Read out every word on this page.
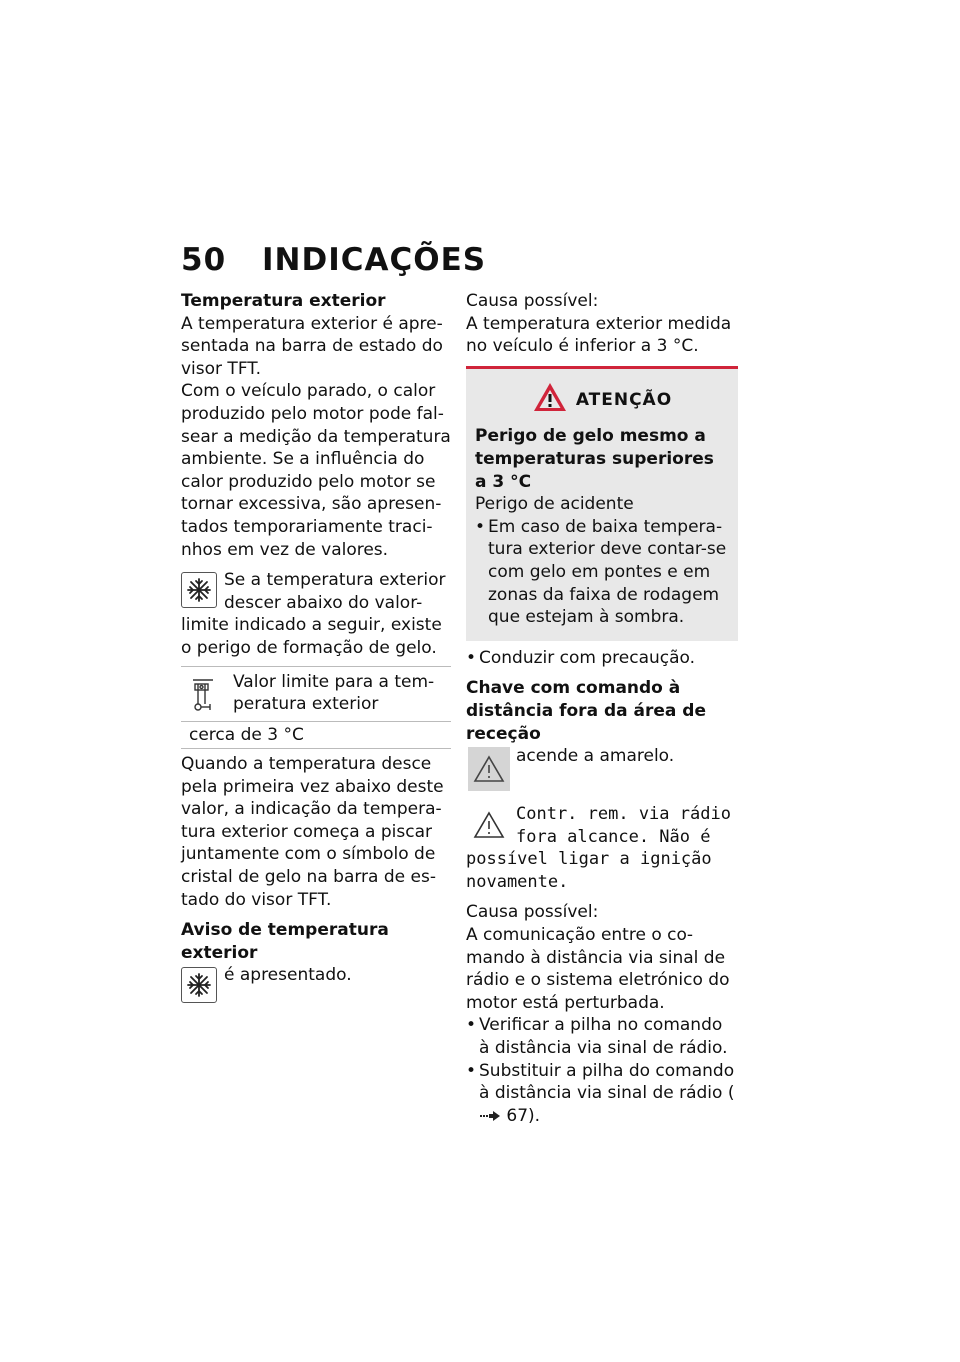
50 INDICAÇÕES

Temperatura exterior

A temperatura exterior é apresentada na barra de estado do visor TFT.

Com o veículo parado, o calor produzido pelo motor pode falsear a medição da temperatura ambiente. Se a influência do calor produzido pelo motor se tornar excessiva, são apresentados temporariamente tracinhos em vez de valores.

Se a temperatura exterior descer abaixo do valor-limite indicado a seguir, existe o perigo de formação de gelo.

Valor limite para a temperatura exterior

cerca de 3 °C

Quando a temperatura desce pela primeira vez abaixo deste valor, a indicação da temperatura exterior começa a piscar juntamente com o símbolo de cristal de gelo na barra de estado do visor TFT.

Aviso de temperatura exterior

é apresentado.

Causa possível:

A temperatura exterior medida no veículo é inferior a 3 °C.

ATENÇÃO

Perigo de gelo mesmo a temperaturas superiores a 3 °C

Perigo de acidente

• Em caso de baixa temperatura exterior deve contar-se com gelo em pontes e em zonas da faixa de rodagem que estejam à sombra.
• Conduzir com precaução.

Chave com comando à distância fora da área de receção

acende a amarelo.

Contr. rem. via rádio fora alcance. Não é possível ligar a ignição novamente.

Causa possível:

A comunicação entre o comando à distância via sinal de rádio e o sistema eletrónico do motor está perturbada.

• Verificar a pilha no comando à distância via sinal de rádio.
• Substituir a pilha do comando à distância via sinal de rádio ( 67).
